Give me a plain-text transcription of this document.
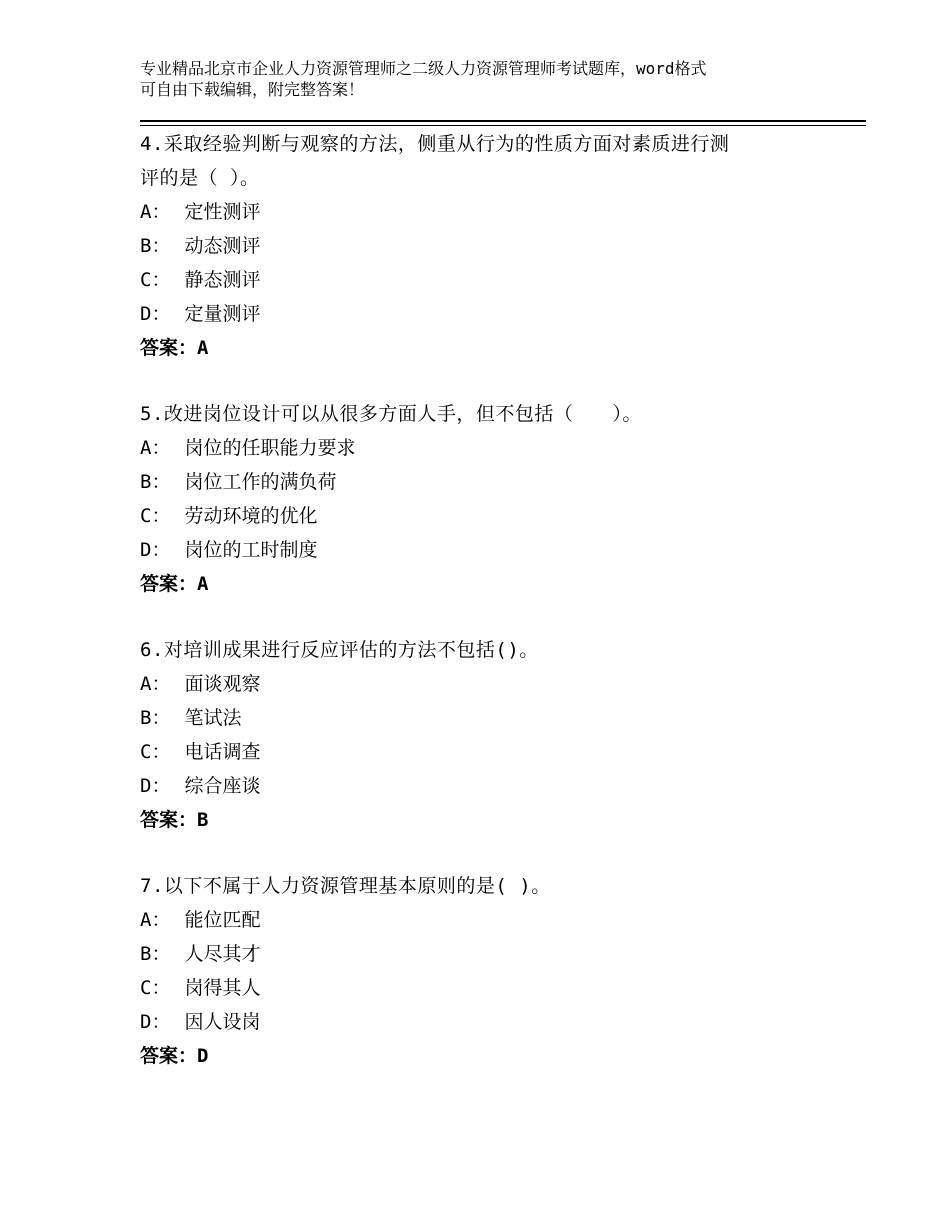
专业精品北京市企业人力资源管理师之二级人力资源管理师考试题库，word格式
可自由下载编辑，附完整答案！
4.采取经验判断与观察的方法，侧重从行为的性质方面对素质进行测
评的是（ ）。
A： 定性测评
B： 动态测评
C： 静态测评
D： 定量测评
答案：A
5.改进岗位设计可以从很多方面人手，但不包括（　　）。
A： 岗位的任职能力要求
B： 岗位工作的满负荷
C： 劳动环境的优化
D： 岗位的工时制度
答案：A
6.对培训成果进行反应评估的方法不包括()。
A： 面谈观察
B： 笔试法
C： 电话调查
D： 综合座谈
答案：B
7.以下不属于人力资源管理基本原则的是( )。
A： 能位匹配
B： 人尽其才
C： 岗得其人
D： 因人设岗
答案：D
